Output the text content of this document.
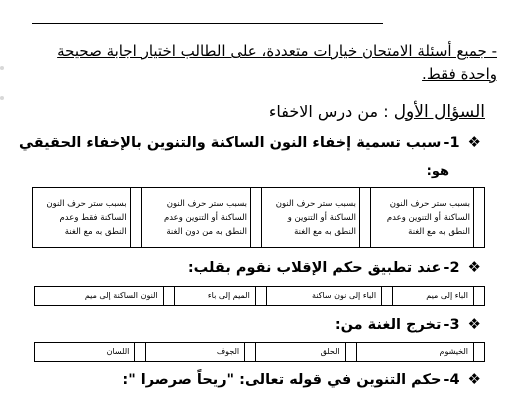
- جميع أسئلة الامتحان خيارات متعددة، على الطالب اختيار اجابة صحيحة واحدة فقط.
السؤال الأول : من درس الاخفاء
❖1-سبب تسمية إخفاء النون الساكنة والتنوين بالإخفاء الحقيقي
هو:
	بسبب ستر حرف النون الساكنة أو التنوين وعدم النطق به مع الغنة		بسبب ستر حرف النون الساكنة أو التنوين و النطق به مع الغنة		بسبب ستر حرف النون الساكنة أو التنوين وعدم النطق به من دون الغنة		بسبب ستر حرف النون الساكنة فقط وعدم النطق به مع الغنة
❖2-عند تطبيق حكم الإقلاب نقوم بقلب:
	الباء إلى ميم		الباء إلى نون ساكنة		الميم إلى باء		النون الساكنة إلى ميم
❖3-تخرج الغنة من:
	الخيشوم		الحلق		الجوف		اللسان
❖4-حكم التنوين في قوله تعالى: "ريحاً صرصرا ":
